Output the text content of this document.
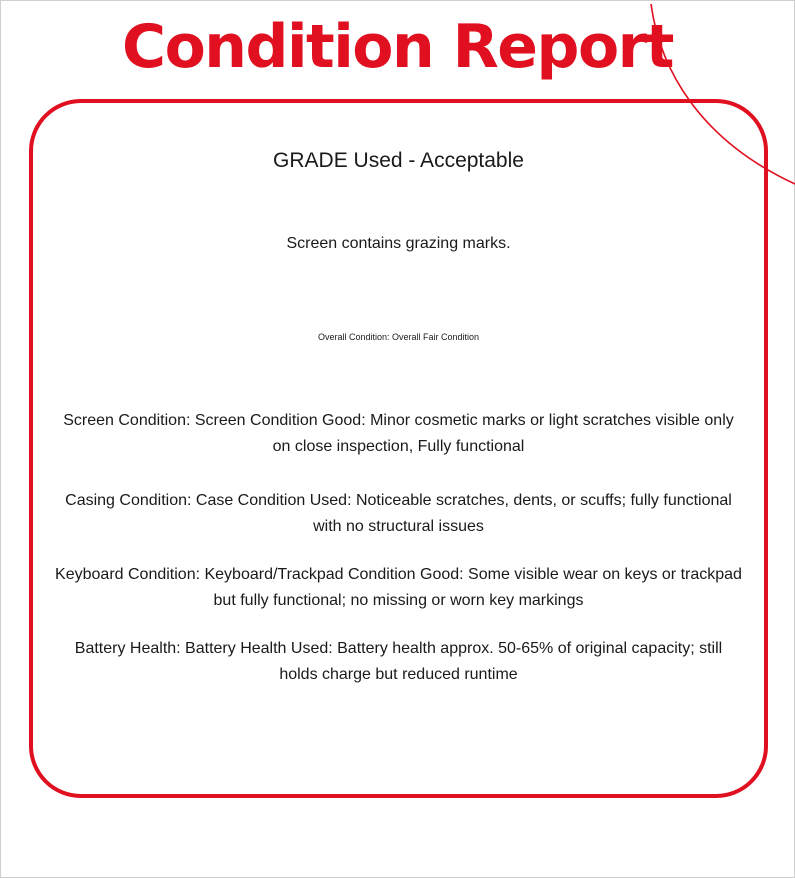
Condition Report

GRADE Used - Acceptable

Screen contains grazing marks.

Overall Condition: Overall Fair Condition

Screen Condition: Screen Condition Good: Minor cosmetic marks or light scratches visible only on close inspection, Fully functional

Casing Condition: Case Condition Used: Noticeable scratches, dents, or scuffs; fully functional with no structural issues

Keyboard Condition: Keyboard/Trackpad Condition Good: Some visible wear on keys or trackpad but fully functional; no missing or worn key markings

Battery Health: Battery Health Used: Battery health approx. 50-65% of original capacity; still holds charge but reduced runtime
